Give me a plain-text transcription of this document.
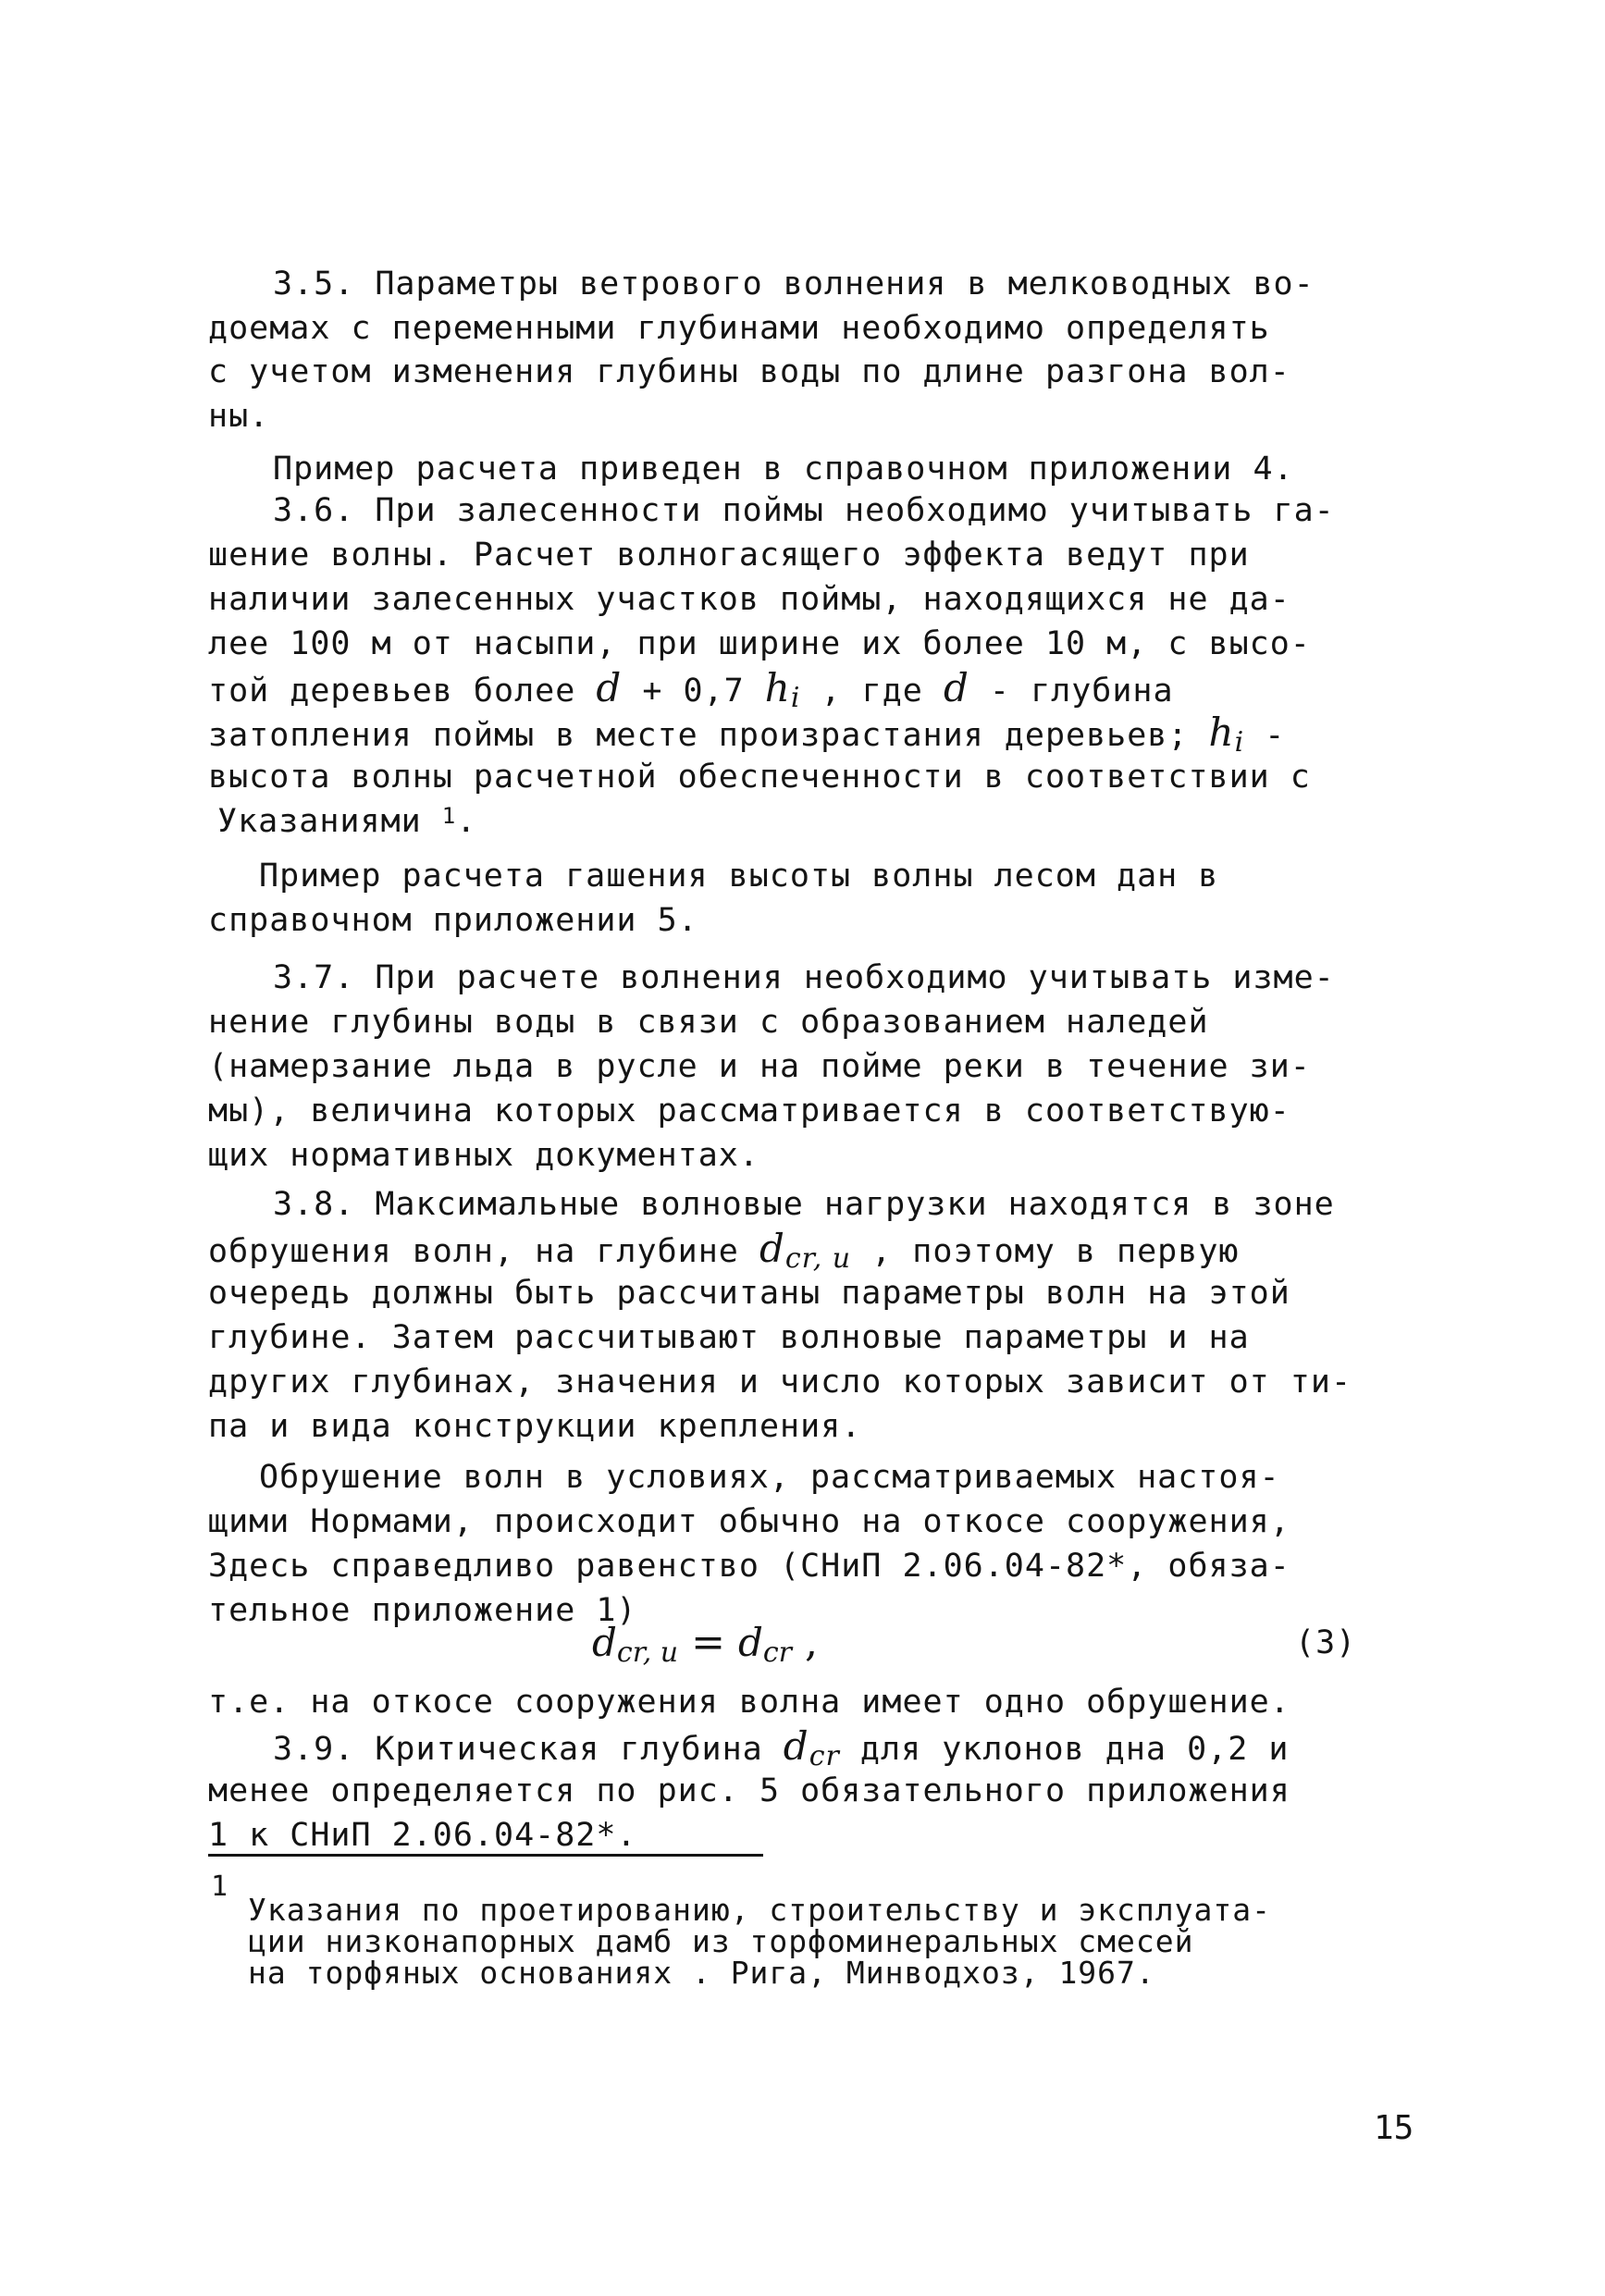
3.5. Параметры ветрового волнения в мелководных во-
доемах с переменными глубинами необходимо определять
с учетом изменения глубины воды по длине разгона вол-
ны.
Пример расчета приведен в справочном приложении 4.
3.6. При залесенности поймы необходимо учитывать га-
шение волны. Расчет волногасящего эффекта ведут при
наличии залесенных участков поймы, находящихся не да-
лее 100 м от насыпи, при ширине их более 10 м, с высо-
той деревьев более d + 0,7 $h_i$ , где d - глубина
затопления поймы в месте произрастания деревьев; $h_i$ -
высота волны расчетной обеспеченности в соответствии с
Указаниями $^1$.
Пример расчета гашения высоты волны лесом дан в
справочном приложении 5.
3.7. При расчете волнения необходимо учитывать изме-
нение глубины воды в связи с образованием наледей
(намерзание льда в русле и на пойме реки в течение зи-
мы), величина которых рассматривается в соответствую-
щих нормативных документах.
3.8. Максимальные волновые нагрузки находятся в зоне
обрушения волн, на глубине $d_{cr, u}$ , поэтому в первую
очередь должны быть рассчитаны параметры волн на этой
глубине. Затем рассчитывают волновые параметры и на
других глубинах, значения и число которых зависит от ти-
па и вида конструкции крепления.
Обрушение волн в условиях, рассматриваемых настоя-
щими Нормами, происходит обычно на откосе сооружения,
Здесь справедливо равенство (СНиП 2.06.04-82*, обяза-
тельное приложение 1)
$d_{cr, u} = d_{cr}$ ,	(3)
т.е. на откосе сооружения волна имеет одно обрушение.
3.9. Критическая глубина $d_{cr}$ для уклонов дна 0,2 и
менее определяется по рис. 5 обязательного приложения
1 к СНиП 2.06.04-82*.
1
Указания по проетированию, строительству и эксплуата-
ции низконапорных дамб из торфоминеральных смесей
на торфяных основаниях . Рига, Минводхоз, 1967.
15
